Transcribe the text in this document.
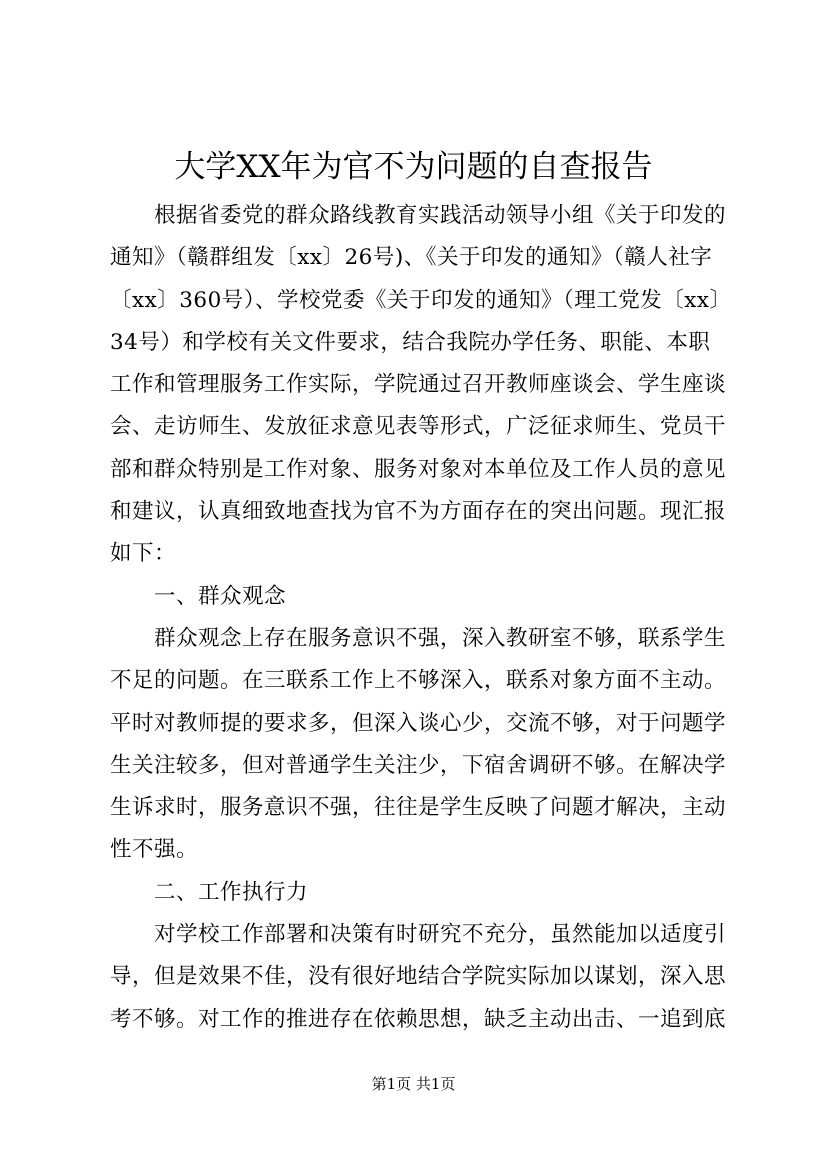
大学XX年为官不为问题的自查报告
根据省委党的群众路线教育实践活动领导小组《关于印发的
通知》（赣群组发〔xx〕26号)、《关于印发的通知》（赣人社字
〔xx〕360号）、学校党委《关于印发的通知》（理工党发〔xx〕
34号）和学校有关文件要求，结合我院办学任务、职能、本职
工作和管理服务工作实际，学院通过召开教师座谈会、学生座谈
会、走访师生、发放征求意见表等形式，广泛征求师生、党员干
部和群众特别是工作对象、服务对象对本单位及工作人员的意见
和建议，认真细致地查找为官不为方面存在的突出问题。现汇报
如下：
一、群众观念
群众观念上存在服务意识不强，深入教研室不够，联系学生
不足的问题。在三联系工作上不够深入，联系对象方面不主动。
平时对教师提的要求多，但深入谈心少，交流不够，对于问题学
生关注较多，但对普通学生关注少，下宿舍调研不够。在解决学
生诉求时，服务意识不强，往往是学生反映了问题才解决，主动
性不强。
二、工作执行力
对学校工作部署和决策有时研究不充分，虽然能加以适度引
导，但是效果不佳，没有很好地结合学院实际加以谋划，深入思
考不够。对工作的推进存在依赖思想，缺乏主动出击、一追到底
第1页 共1页
